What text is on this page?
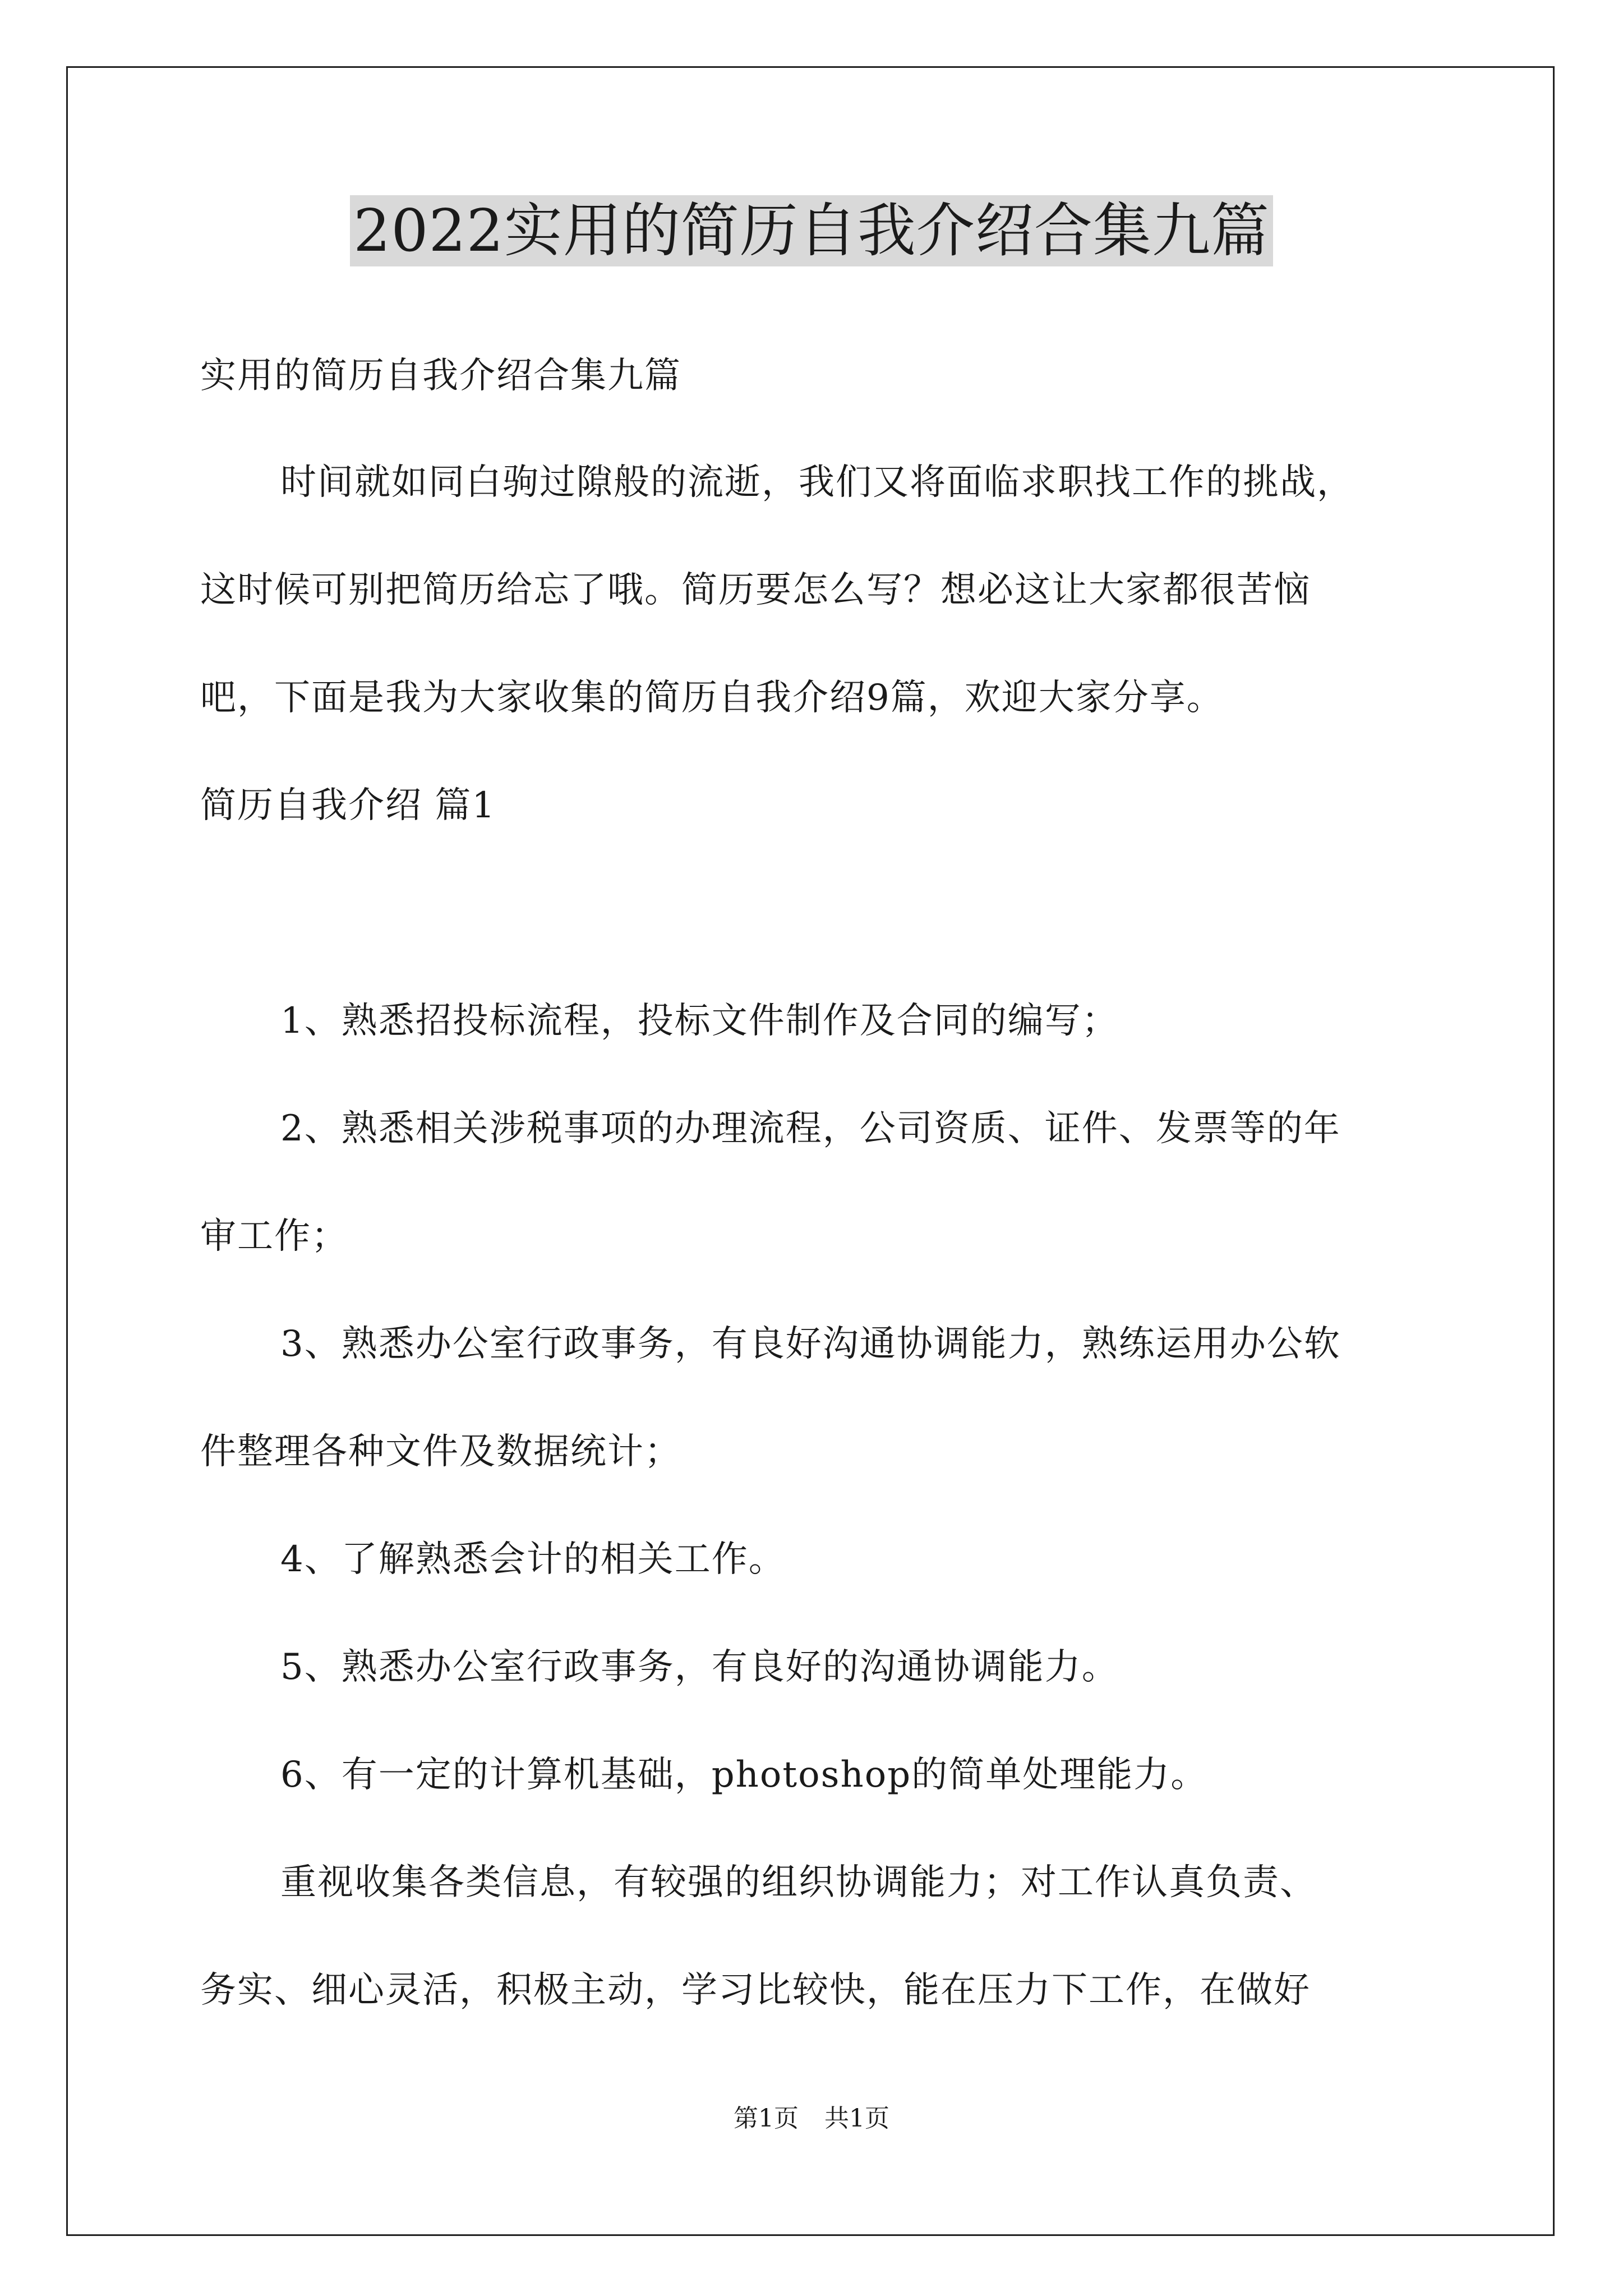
2022实用的简历自我介绍合集九篇
实用的简历自我介绍合集九篇
时间就如同白驹过隙般的流逝，我们又将面临求职找工作的挑战，
这时候可别把简历给忘了哦。简历要怎么写？想必这让大家都很苦恼
吧，下面是我为大家收集的简历自我介绍9篇，欢迎大家分享。
简历自我介绍 篇1
1、熟悉招投标流程，投标文件制作及合同的编写；
2、熟悉相关涉税事项的办理流程，公司资质、证件、发票等的年
审工作；
3、熟悉办公室行政事务，有良好沟通协调能力，熟练运用办公软
件整理各种文件及数据统计；
4、了解熟悉会计的相关工作。
5、熟悉办公室行政事务，有良好的沟通协调能力。
6、有一定的计算机基础，photoshop的简单处理能力。
重视收集各类信息，有较强的组织协调能力；对工作认真负责、
务实、细心灵活，积极主动，学习比较快，能在压力下工作，在做好
第1页 共1页
